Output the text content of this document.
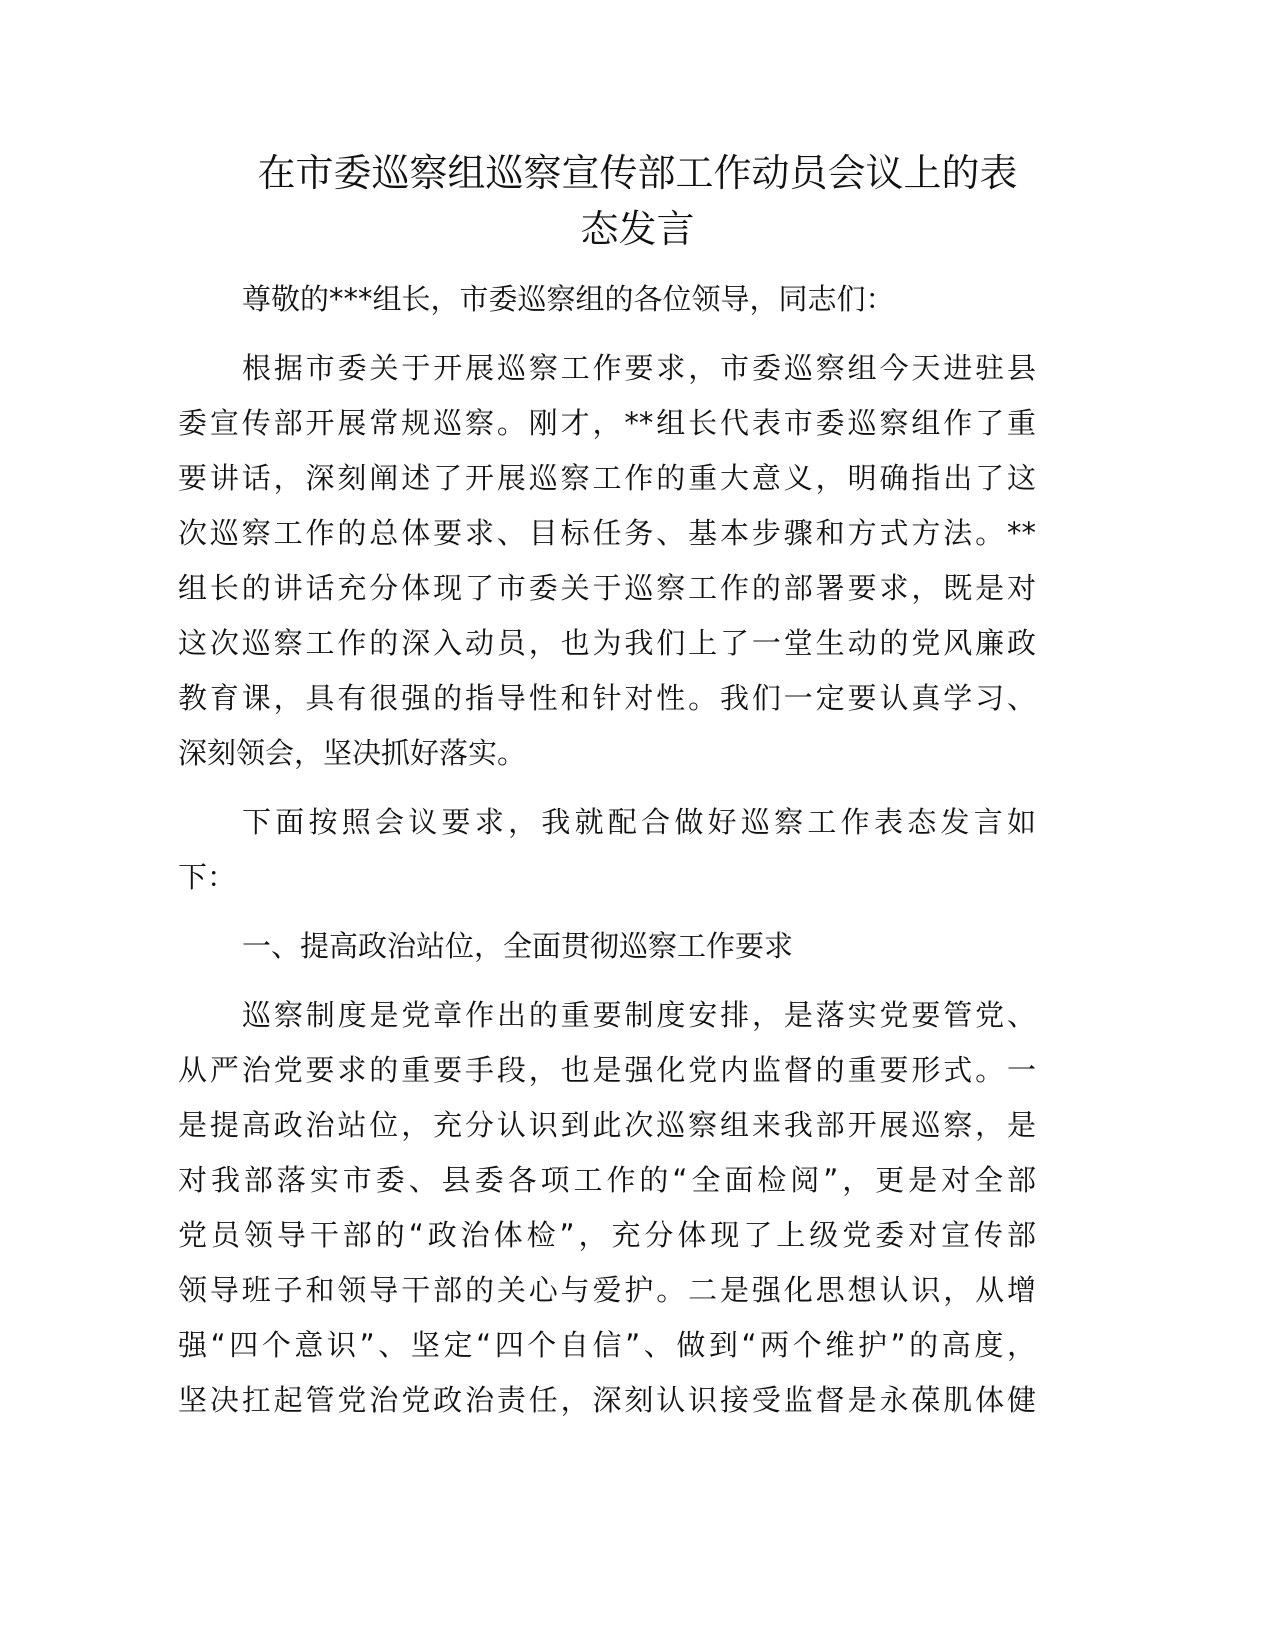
在市委巡察组巡察宣传部工作动员会议上的表
态发言
尊敬的***组长，市委巡察组的各位领导，同志们：
根据市委关于开展巡察工作要求，市委巡察组今天进驻县
委宣传部开展常规巡察。刚才，**组长代表市委巡察组作了重
要讲话，深刻阐述了开展巡察工作的重大意义，明确指出了这
次巡察工作的总体要求、目标任务、基本步骤和方式方法。**
组长的讲话充分体现了市委关于巡察工作的部署要求，既是对
这次巡察工作的深入动员，也为我们上了一堂生动的党风廉政
教育课，具有很强的指导性和针对性。我们一定要认真学习、
深刻领会，坚决抓好落实。
下面按照会议要求，我就配合做好巡察工作表态发言如
下：
一、提高政治站位，全面贯彻巡察工作要求
巡察制度是党章作出的重要制度安排，是落实党要管党、
从严治党要求的重要手段，也是强化党内监督的重要形式。一
是提高政治站位，充分认识到此次巡察组来我部开展巡察，是
对我部落实市委、县委各项工作的“全面检阅”，更是对全部
党员领导干部的“政治体检”，充分体现了上级党委对宣传部
领导班子和领导干部的关心与爱护。二是强化思想认识，从增
强“四个意识”、坚定“四个自信”、做到“两个维护”的高度，
坚决扛起管党治党政治责任，深刻认识接受监督是永葆肌体健
